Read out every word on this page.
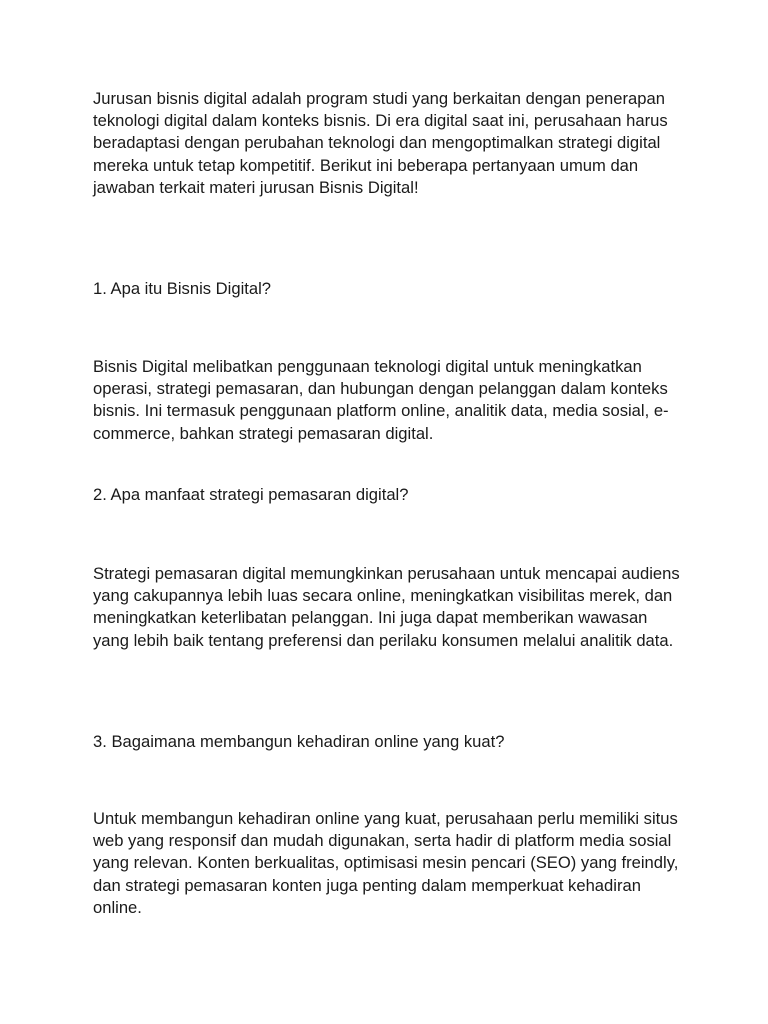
Jurusan bisnis digital adalah program studi yang berkaitan dengan penerapan teknologi digital dalam konteks bisnis. Di era digital saat ini, perusahaan harus beradaptasi dengan perubahan teknologi dan mengoptimalkan strategi digital mereka untuk tetap kompetitif. Berikut ini beberapa pertanyaan umum dan jawaban terkait materi jurusan Bisnis Digital!

1. Apa itu Bisnis Digital?

Bisnis Digital melibatkan penggunaan teknologi digital untuk meningkatkan operasi, strategi pemasaran, dan hubungan dengan pelanggan dalam konteks bisnis. Ini termasuk penggunaan platform online, analitik data, media sosial, e-commerce, bahkan strategi pemasaran digital.

2. Apa manfaat strategi pemasaran digital?

Strategi pemasaran digital memungkinkan perusahaan untuk mencapai audiens yang cakupannya lebih luas secara online, meningkatkan visibilitas merek, dan meningkatkan keterlibatan pelanggan. Ini juga dapat memberikan wawasan yang lebih baik tentang preferensi dan perilaku konsumen melalui analitik data.

3. Bagaimana membangun kehadiran online yang kuat?

Untuk membangun kehadiran online yang kuat, perusahaan perlu memiliki situs web yang responsif dan mudah digunakan, serta hadir di platform media sosial yang relevan. Konten berkualitas, optimisasi mesin pencari (SEO) yang freindly, dan strategi pemasaran konten juga penting dalam memperkuat kehadiran online.
